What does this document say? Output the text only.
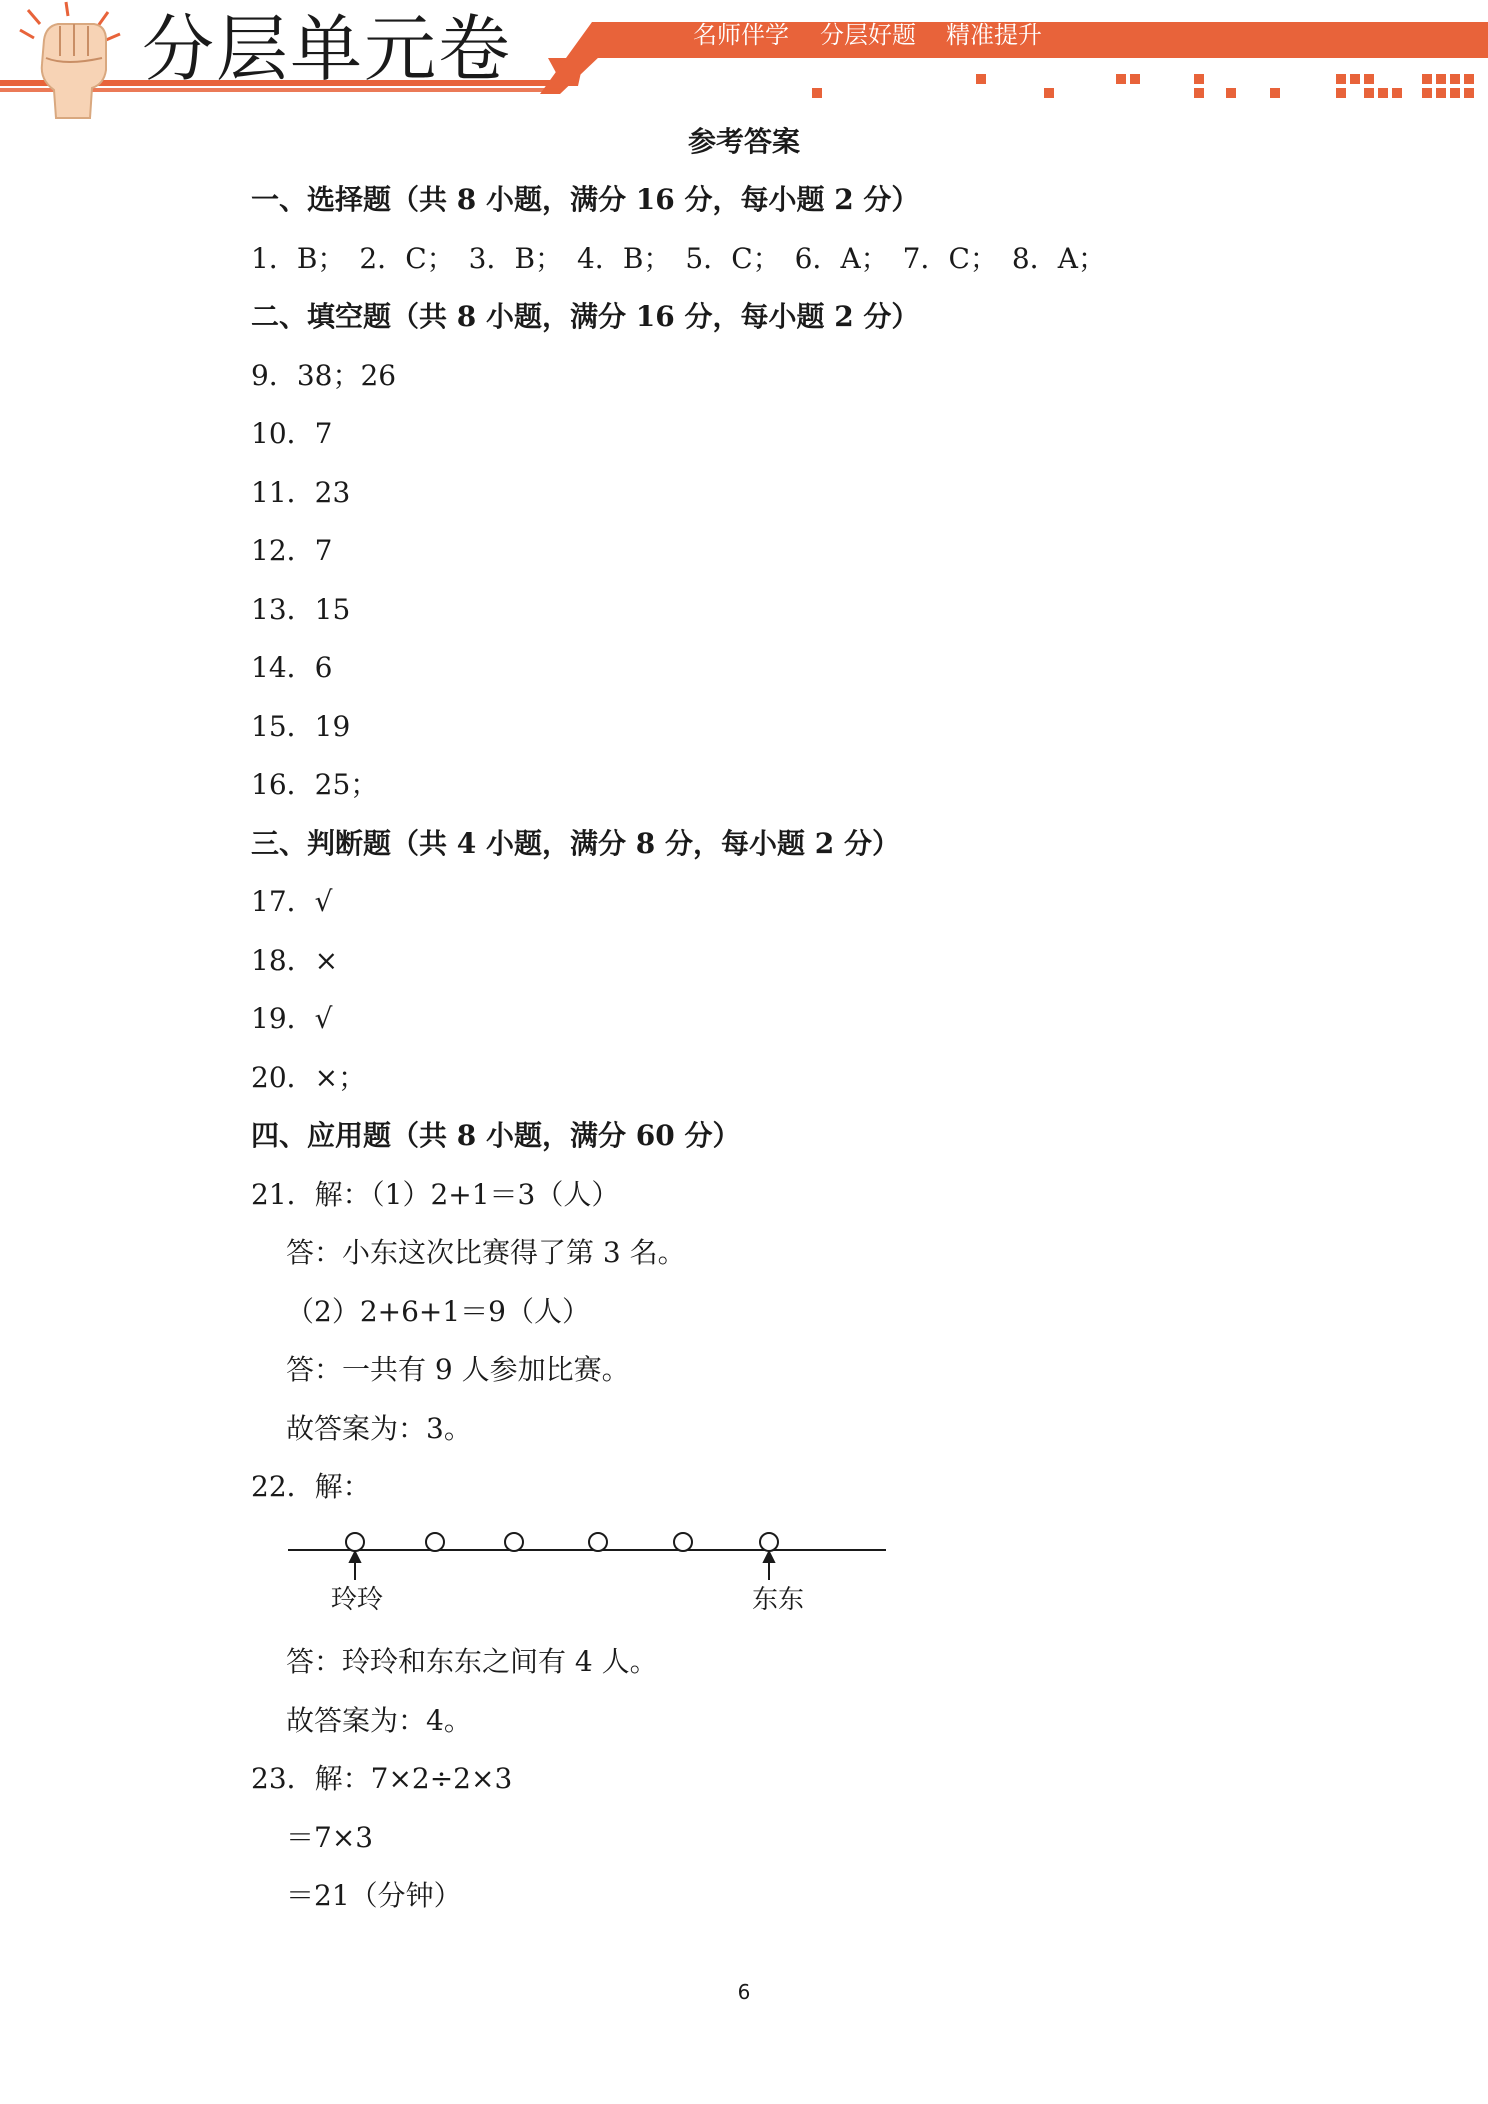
分层单元卷	名师伴学 分层好题 精准提升
参考答案
一、选择题（共 8 小题，满分 16 分，每小题 2 分）
1．B；　2．C；　3．B；　4．B；　5．C；　6．A；　7．C；　8．A；
二、填空题（共 8 小题，满分 16 分，每小题 2 分）
9．38；26
10．7
11．23
12．7
13．15
14．6
15．19
16．25；
三、判断题（共 4 小题，满分 8 分，每小题 2 分）
17．√
18．×
19．√
20．×；
四、应用题（共 8 小题，满分 60 分）
21．解：（1）2+1＝3（人）
答：小东这次比赛得了第 3 名。
（2）2+6+1＝9（人）
答：一共有 9 人参加比赛。
故答案为：3。
22．解：
玲玲	东东
答：玲玲和东东之间有 4 人。
故答案为：4。
23．解：7×2÷2×3
＝7×3
＝21（分钟）
6
